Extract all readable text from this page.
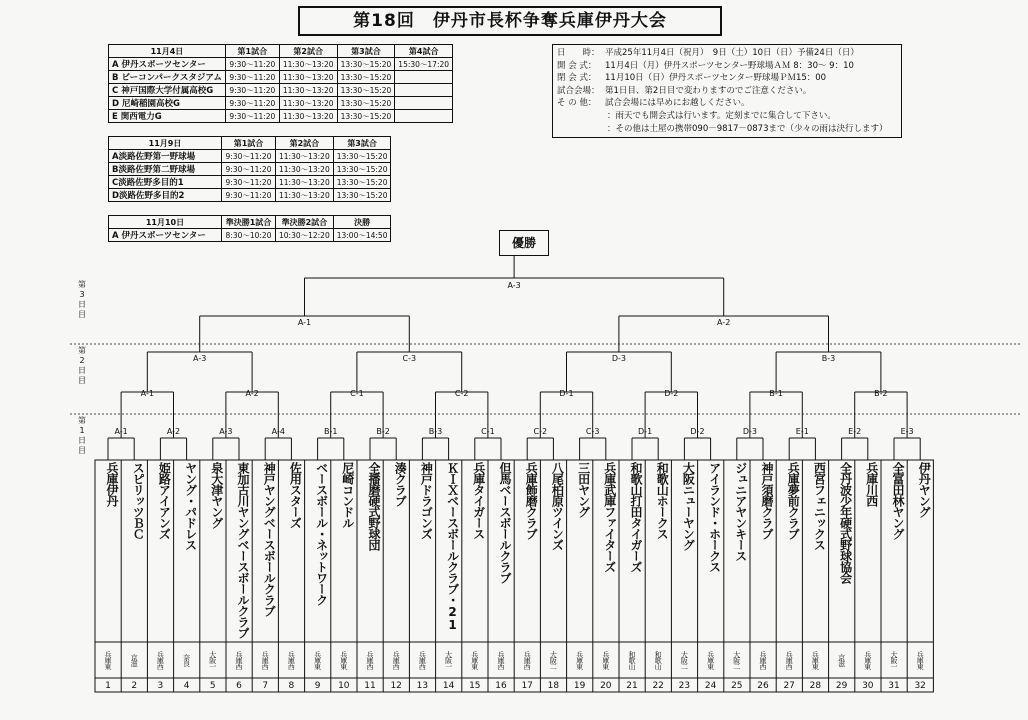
第18回　伊丹市長杯争奪兵庫伊丹大会
11月4日	第1試合	第2試合	第3試合	第4試合
A 伊丹スポーツセンター	9:30～11:20	11:30～13:20	13:30～15:20	15:30～17:20
B ビーコンパークスタジアム	9:30～11:20	11:30～13:20	13:30～15:20	
C 神戸国際大学付属高校G	9:30～11:20	11:30～13:20	13:30～15:20	
D 尼崎稲園高校G	9:30～11:20	11:30～13:20	13:30～15:20	
E 関西電力G	9:30～11:20	11:30～13:20	13:30～15:20	
11月9日	第1試合	第2試合	第3試合
A淡路佐野第一野球場	9:30～11:20	11:30～13:20	13:30～15:20
B淡路佐野第二野球場	9:30～11:20	11:30～13:20	13:30～15:20
C淡路佐野多目的1	9:30～11:20	11:30～13:20	13:30～15:20
D淡路佐野多目的2	9:30～11:20	11:30～13:20	13:30～15:20
11月10日	準決勝1試合	準決勝2試合	決勝
A 伊丹スポーツセンター	8:30～10:20	10:30～12:20	13:00～14:50
日　　時： 平成25年11月4日（祝月）　9日（土）10日（日）予備24日（日）
開 会 式：	11月4日（月）伊丹スポーツセンター野球場ＡＭ 8：30～ 9：10
閉 会 式：	11月10日（日）伊丹スポーツセンター野球場ＰＭ15：00
試合会場： 第1日目、第2日目で変わりますのでご注意ください。
そ の 他：	試合会場には早めにお越しください。
：雨天でも開会式は行います。定刻までに集合して下さい。
：その他は土屋の携帯090－9817－0873まで（少々の雨は決行します）
第3日目
第2日目
第1日目
優勝
A-1	A-2	A-3	A-4	B-1	B-2	B-3	C-1	C-2	C-3	D-1	D-2	D-3	E-1	E-2	E-3
A-1	A-2	C-1	C-2	D-1	D-2	B-1	B-2
A-3	C-3	D-3	B-3
A-1	A-2
A-3
兵庫伊丹
兵庫東
1
スピリッツＢＣ
京滋
2
姫路アイアンズ
兵庫西
3
ヤング・パドレス
奈良
4
泉大津ヤング
大阪一
5
東加古川ヤングベースボールクラブ
兵庫西
6
神戸ヤングベースボールクラブ
兵庫西
7
佐用スターズ
兵庫西
8
ベースボール・ネットワーク
兵庫東
9
尼崎コンドル
兵庫東
10
全播磨硬式野球団
兵庫西
11
湊クラブ
兵庫西
12
神戸ドラゴンズ
兵庫西
13
ＫＩＸベースボールクラブ・21
大阪一
14
兵庫タイガース
兵庫東
15
但馬ベースボールクラブ
兵庫西
16
兵庫飾磨クラブ
兵庫西
17
八尾柏原ツインズ
大阪二
18
三田ヤング
兵庫東
19
兵庫武庫ファイターズ
兵庫東
20
和歌山打田タイガーズ
和歌山
21
和歌山ホークス
和歌山
22
大阪ニューヤング
大阪二
23
アイランド・ホークス
兵庫東
24
ジュニアヤンキース
大阪二
25
神戸須磨クラブ
兵庫西
26
兵庫夢前クラブ
兵庫西
27
西宮フェニックス
兵庫東
28
全丹波少年硬式野球協会
京滋
29
兵庫川西
兵庫東
30
全富田林ヤング
大阪一
31
伊丹ヤング
兵庫東
32
